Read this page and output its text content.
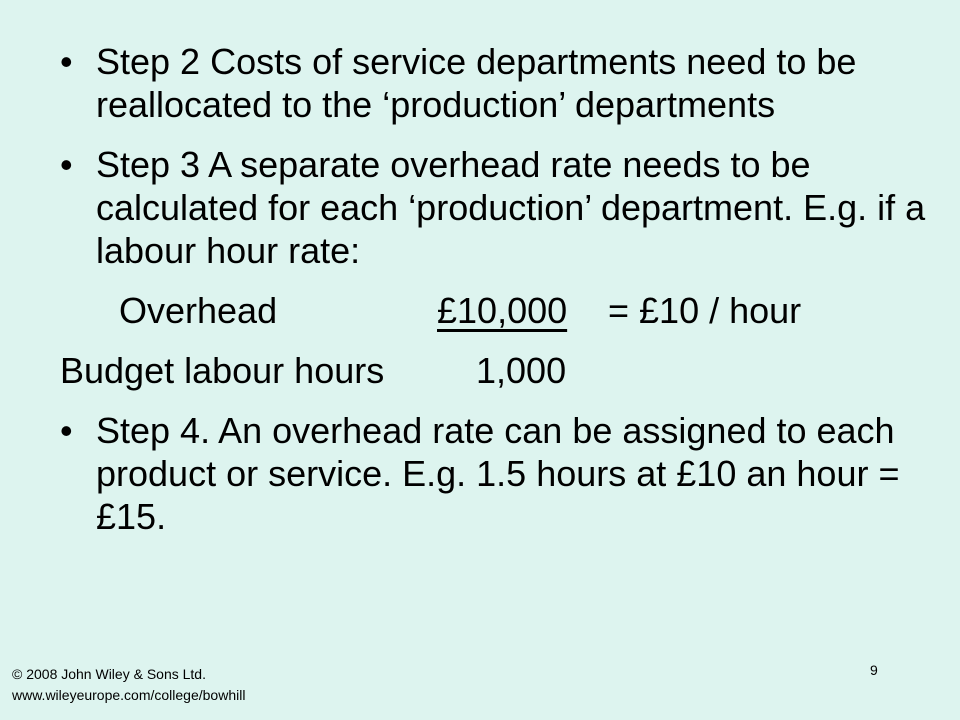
• Step 2 Costs of service departments need to be reallocated to the ‘production’ departments
• Step 3 A separate overhead rate needs to be calculated for each ‘production’ department. E.g. if a labour hour rate:
Overhead	£10,000 = £10 / hour
Budget labour hours	1,000
• Step 4. An overhead rate can be assigned to each product or service. E.g. 1.5 hours at £10 an hour = £15.
© 2008 John Wiley & Sons Ltd.
www.wileyeurope.com/college/bowhill
9
